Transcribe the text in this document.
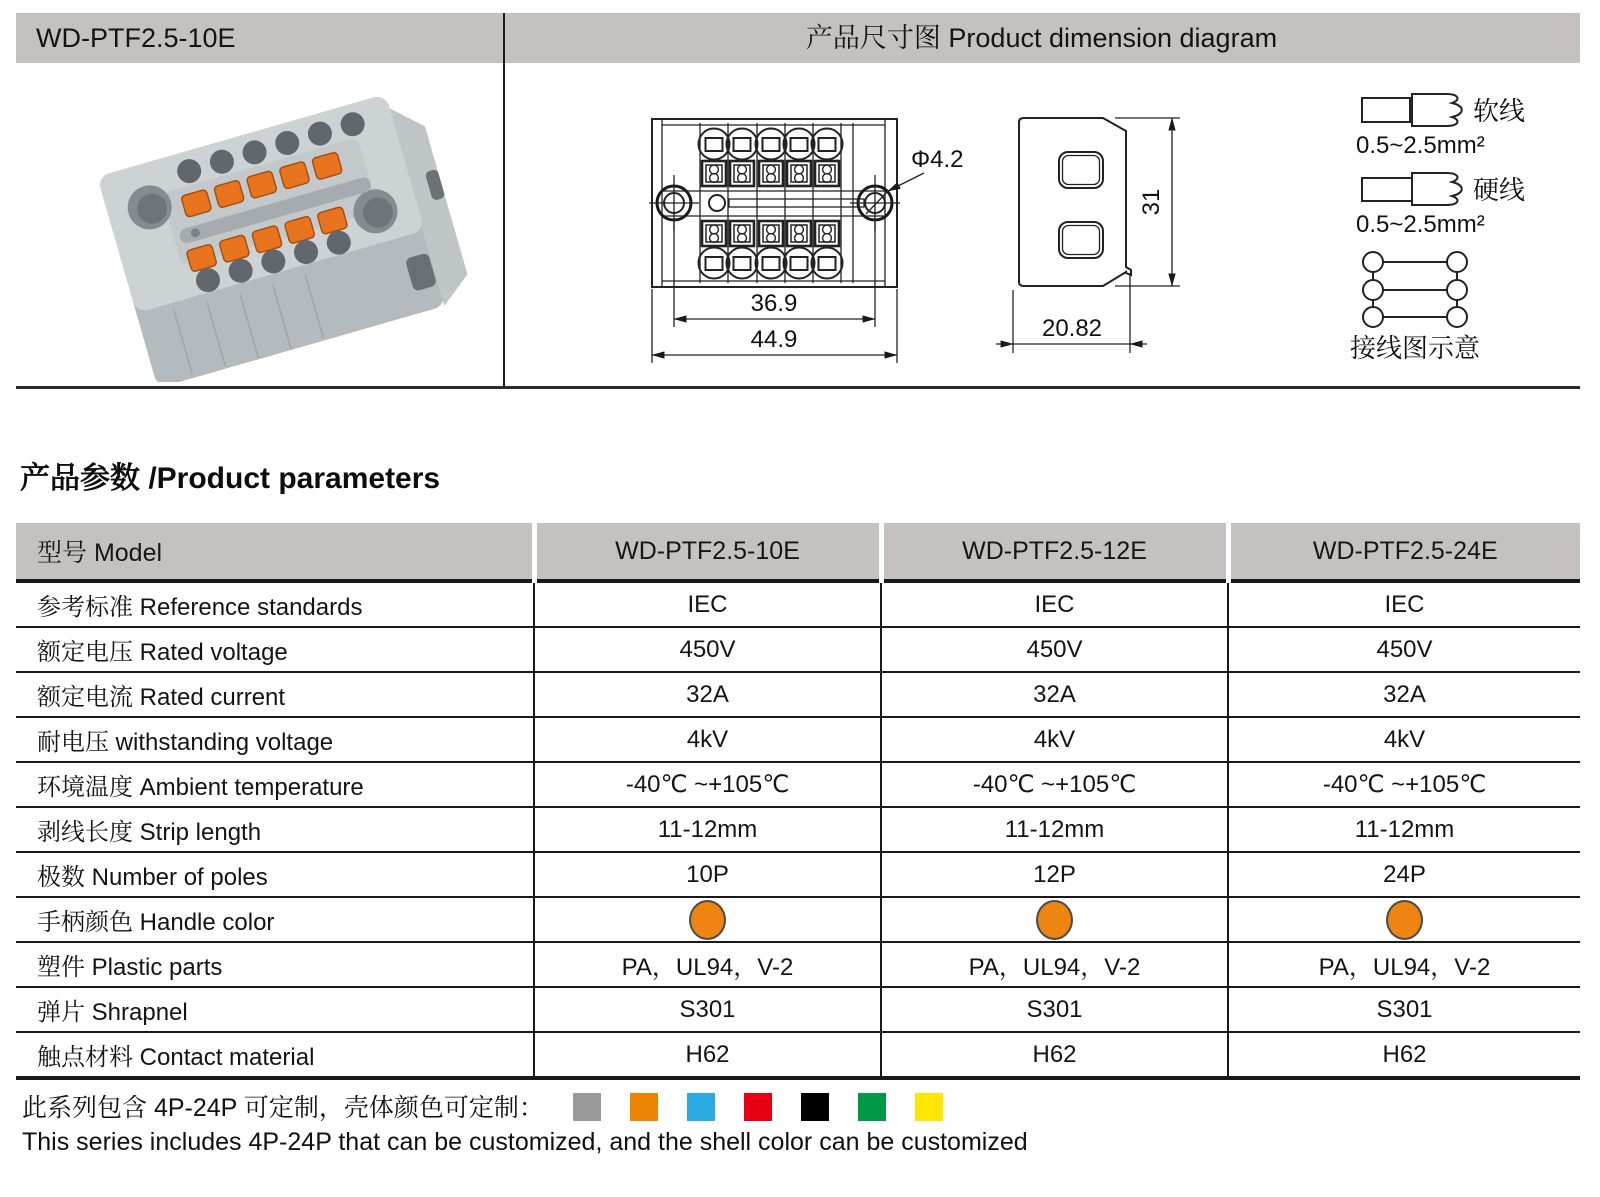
WD-PTF2.5-10E	产品尺寸图 Product dimension diagram
Φ4.2
36.9
44.9
31
20.82
软线
0.5~2.5mm²
硬线
0.5~2.5mm²
接线图示意
产品参数 /Product parameters
型号 Model	WD-PTF2.5-10E	WD-PTF2.5-12E	WD-PTF2.5-24E
参考标准 Reference standards	IEC	IEC	IEC
额定电压 Rated voltage	450V	450V	450V
额定电流 Rated current	32A	32A	32A
耐电压 withstanding voltage	4kV	4kV	4kV
环境温度 Ambient temperature	-40℃ ~+105℃	-40℃ ~+105℃	-40℃ ~+105℃
剥线长度 Strip length	11-12mm	11-12mm	11-12mm
极数 Number of poles	10P	12P	24P
手柄颜色 Handle color			
塑件 Plastic parts	PA，UL94，V-2	PA，UL94，V-2	PA，UL94，V-2
弹片 Shrapnel	S301	S301	S301
触点材料 Contact material	H62	H62	H62
此系列包含 4P-24P 可定制，壳体颜色可定制：
This series includes 4P-24P that can be customized, and the shell color can be customized
